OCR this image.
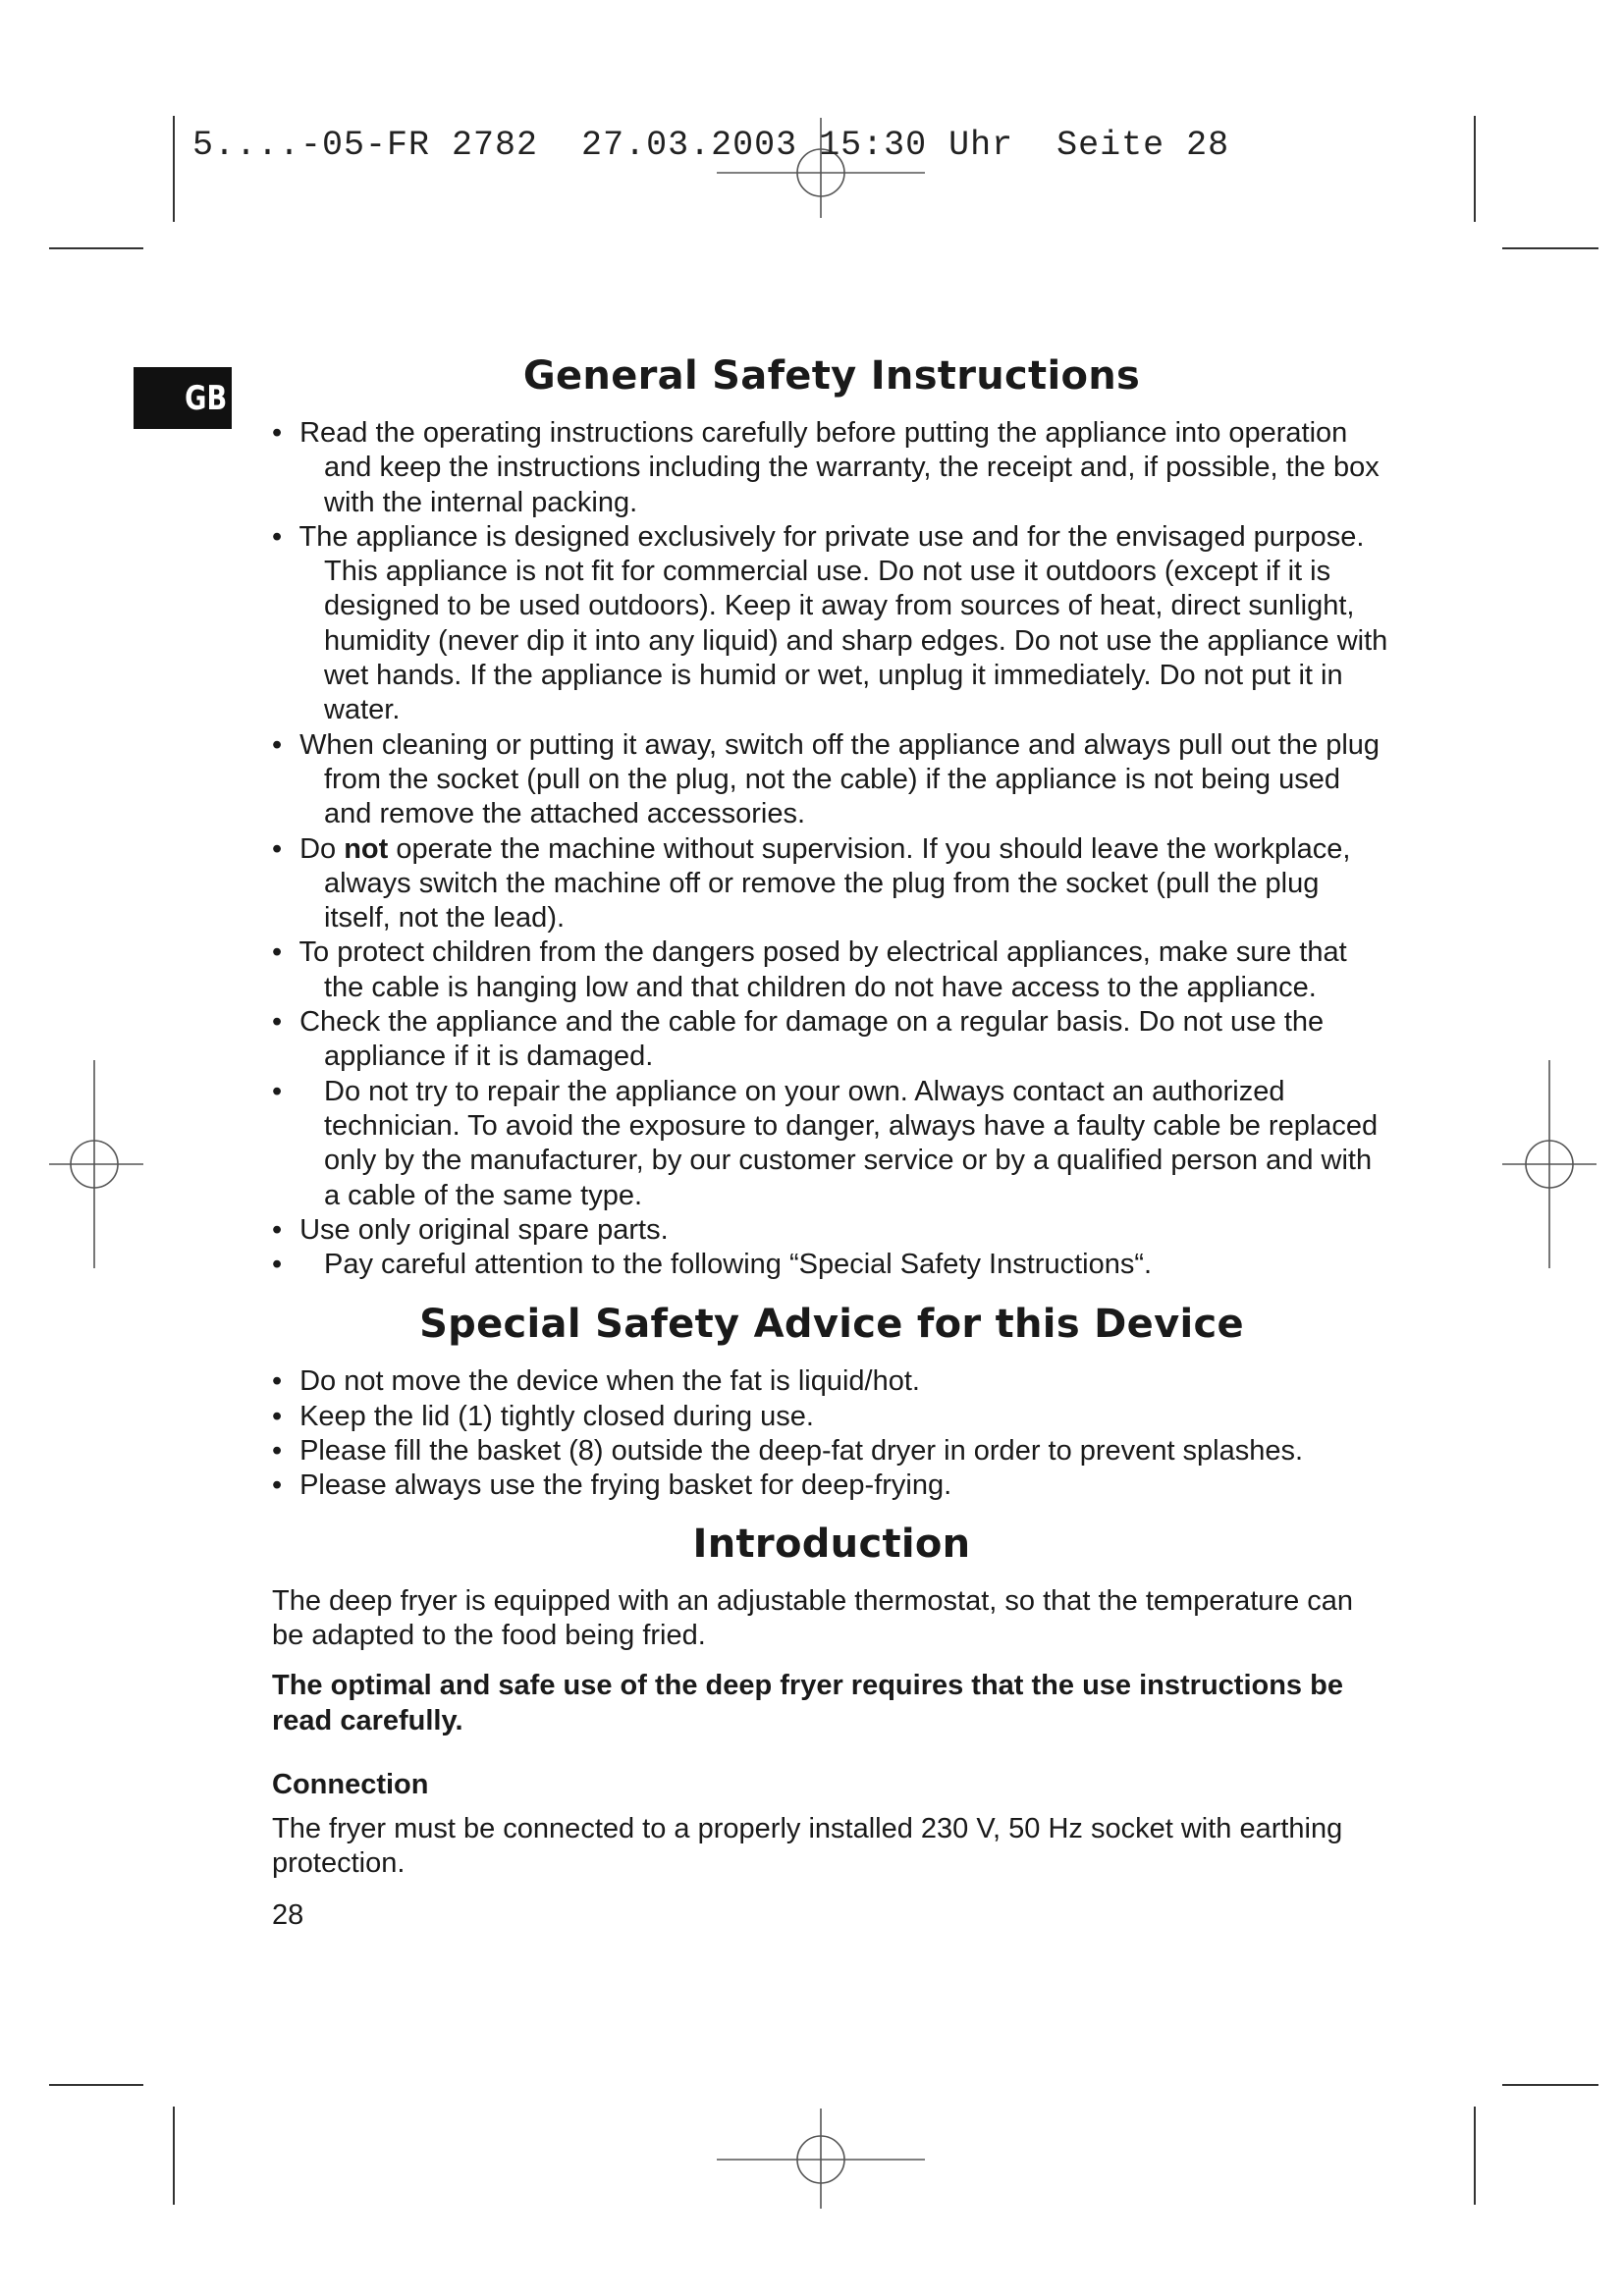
5....-05-FR 2782  27.03.2003 15:30 Uhr  Seite 28
GB	General Safety Instructions
• Read the operating instructions carefully before putting the appliance into operation and keep the instructions including the warranty, the receipt and, if possible, the box with the internal packing.
• The appliance is designed exclusively for private use and for the envisaged purpose. This appliance is not fit for commercial use. Do not use it outdoors (except if it is designed to be used outdoors). Keep it away from sources of heat, direct sunlight, humidity (never dip it into any liquid) and sharp edges. Do not use the appliance with wet hands. If the appliance is humid or wet, unplug it immediately. Do not put it in water.
• When cleaning or putting it away, switch off the appliance and always pull out the plug from the socket (pull on the plug, not the cable) if the appliance is not being used and remove the attached accessories.
• Do not operate the machine without supervision. If you should leave the workplace, always switch the machine off or remove the plug from the socket (pull the plug itself, not the lead).
• To protect children from the dangers posed by electrical appliances, make sure that the cable is hanging low and that children do not have access to the appliance.
• Check the appliance and the cable for damage on a regular basis. Do not use the appliance if it is damaged.
• Do not try to repair the appliance on your own. Always contact an authorized technician. To avoid the exposure to danger, always have a faulty cable be replaced only by the manufacturer, by our customer service or by a qualified person and with a cable of the same type.
• Use only original spare parts.
• Pay careful attention to the following “Special Safety Instructions“.
Special Safety Advice for this Device
• Do not move the device when the fat is liquid/hot.
• Keep the lid (1) tightly closed during use.
• Please fill the basket (8) outside the deep-fat dryer in order to prevent splashes.
• Please always use the frying basket for deep-frying.
Introduction

The deep fryer is equipped with an adjustable thermostat, so that the temperature can be adapted to the food being fried.

The optimal and safe use of the deep fryer requires that the use instructions be read carefully.

Connection

The fryer must be connected to a properly installed 230 V, 50 Hz socket with earthing protection.

28
